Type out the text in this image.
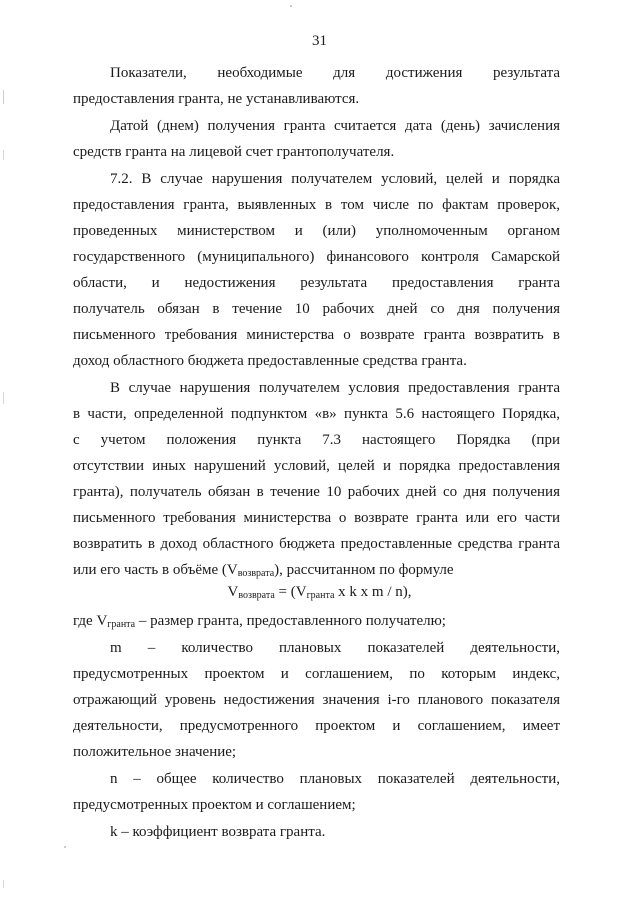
31
Показатели, необходимые для достижения результата
предоставления гранта, не устанавливаются.
Датой (днем) получения гранта считается дата (день) зачисления
средств гранта на лицевой счет грантополучателя.
7.2. В случае нарушения получателем условий, целей и порядка
предоставления гранта, выявленных в том числе по фактам проверок,
проведенных министерством и (или) уполномоченным органом
государственного (муниципального) финансового контроля Самарской
области, и недостижения результата предоставления гранта
получатель обязан в течение 10 рабочих дней со дня получения
письменного требования министерства о возврате гранта возвратить в
доход областного бюджета предоставленные средства гранта.
В случае нарушения получателем условия предоставления гранта
в части, определенной подпунктом «в» пункта 5.6 настоящего Порядка,
с учетом положения пункта 7.3 настоящего Порядка (при
отсутствии иных нарушений условий, целей и порядка предоставления
гранта), получатель обязан в течение 10 рабочих дней со дня получения
письменного требования министерства о возврате гранта или его части
возвратить в доход областного бюджета предоставленные средства гранта
или его часть в объёме $(V_{возврата})$, рассчитанном по формуле
$V_{возврата} = (V_{гранта}$ x k x m / n),
где $V_{гранта}$ – размер гранта, предоставленного получателю;
m – количество плановых показателей деятельности,
предусмотренных проектом и соглашением, по которым индекс,
отражающий уровень недостижения значения i-го планового показателя
деятельности, предусмотренного проектом и соглашением, имеет
положительное значение;
n – общее количество плановых показателей деятельности,
предусмотренных проектом и соглашением;
k – коэффициент возврата гранта.
